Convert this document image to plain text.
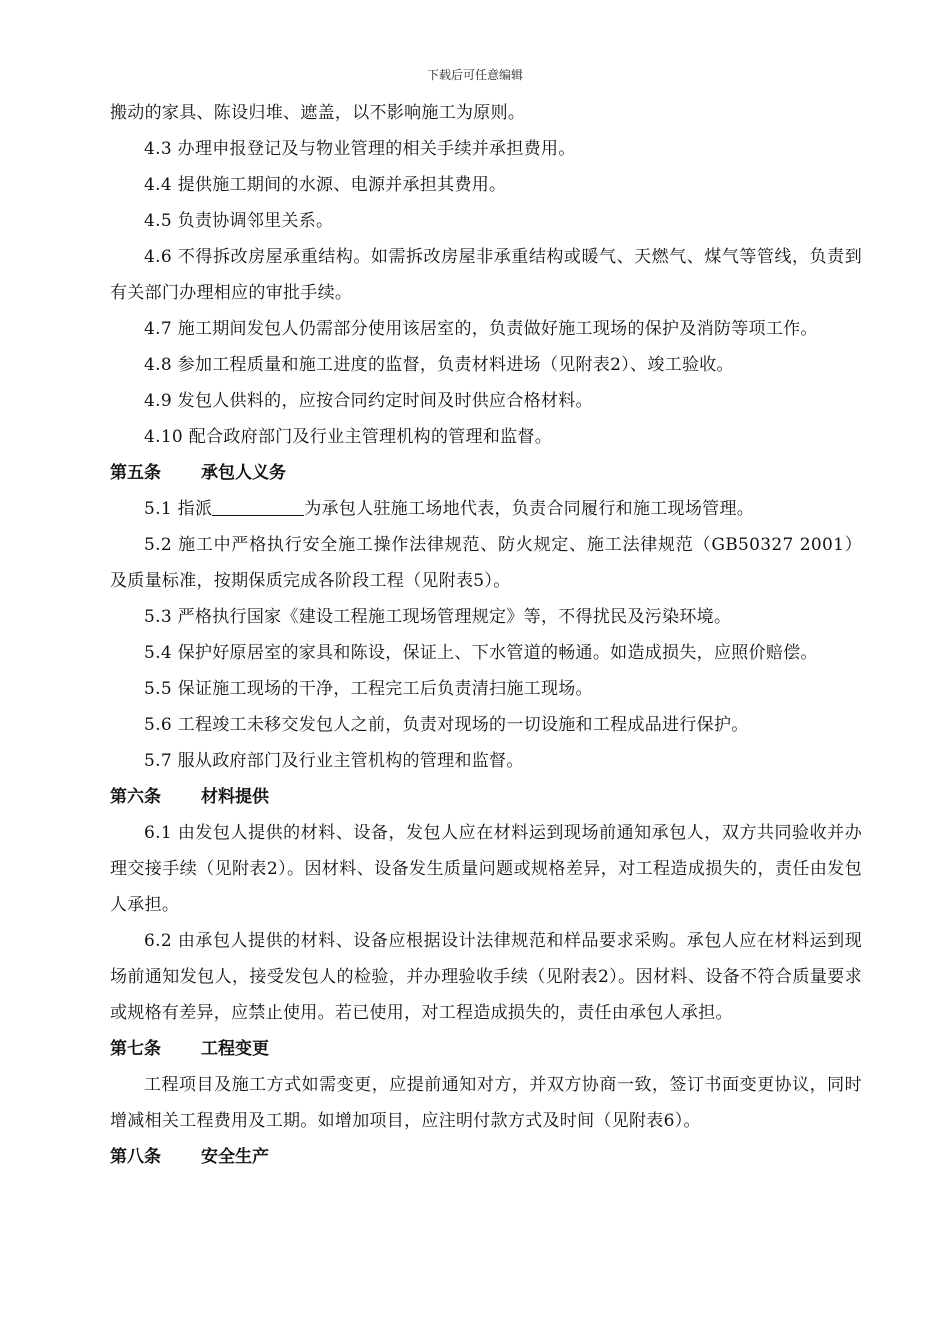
下载后可任意编辑

搬动的家具、陈设归堆、遮盖，以不影响施工为原则。

4.3 办理申报登记及与物业管理的相关手续并承担费用。

4.4 提供施工期间的水源、电源并承担其费用。

4.5 负责协调邻里关系。

4.6 不得拆改房屋承重结构。如需拆改房屋非承重结构或暖气、天燃气、煤气等管线，负责到有关部门办理相应的审批手续。

4.7 施工期间发包人仍需部分使用该居室的，负责做好施工现场的保护及消防等项工作。

4.8 参加工程质量和施工进度的监督，负责材料进场（见附表2）、竣工验收。

4.9 发包人供料的，应按合同约定时间及时供应合格材料。

4.10 配合政府部门及行业主管理机构的管理和监督。

第五条 承包人义务

5.1 指派	为承包人驻施工场地代表，负责合同履行和施工现场管理。

5.2 施工中严格执行安全施工操作法律规范、防火规定、施工法律规范（GB50327 2001）及质量标准，按期保质完成各阶段工程（见附表5）。

5.3 严格执行国家《建设工程施工现场管理规定》等，不得扰民及污染环境。

5.4 保护好原居室的家具和陈设，保证上、下水管道的畅通。如造成损失，应照价赔偿。

5.5 保证施工现场的干净，工程完工后负责清扫施工现场。

5.6 工程竣工未移交发包人之前，负责对现场的一切设施和工程成品进行保护。

5.7 服从政府部门及行业主管机构的管理和监督。

第六条 材料提供

6.1 由发包人提供的材料、设备，发包人应在材料运到现场前通知承包人，双方共同验收并办理交接手续（见附表2）。因材料、设备发生质量问题或规格差异，对工程造成损失的，责任由发包人承担。

6.2 由承包人提供的材料、设备应根据设计法律规范和样品要求采购。承包人应在材料运到现场前通知发包人，接受发包人的检验，并办理验收手续（见附表2）。因材料、设备不符合质量要求或规格有差异，应禁止使用。若已使用，对工程造成损失的，责任由承包人承担。

第七条 工程变更

工程项目及施工方式如需变更，应提前通知对方，并双方协商一致，签订书面变更协议，同时增减相关工程费用及工期。如增加项目，应注明付款方式及时间（见附表6）。

第八条 安全生产
